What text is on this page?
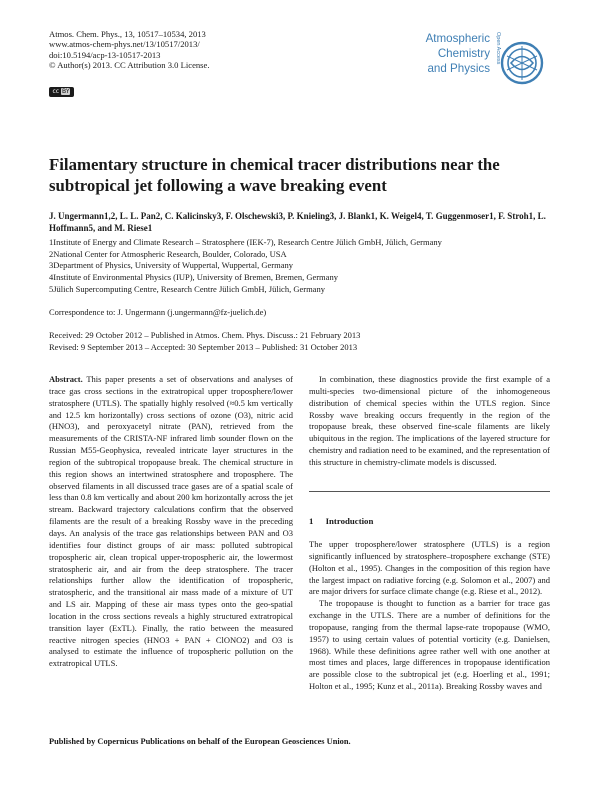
Atmos. Chem. Phys., 13, 10517–10534, 2013
www.atmos-chem-phys.net/13/10517/2013/
doi:10.5194/acp-13-10517-2013
© Author(s) 2013. CC Attribution 3.0 License.
cc BY
Atmospheric
Chemistry
and Physics
Open Access
Filamentary structure in chemical tracer distributions near the subtropical jet following a wave breaking event
J. Ungermann1,2, L. L. Pan2, C. Kalicinsky3, F. Olschewski3, P. Knieling3, J. Blank1, K. Weigel4, T. Guggenmoser1, F. Stroh1, L. Hoffmann5, and M. Riese1
1Institute of Energy and Climate Research – Stratosphere (IEK-7), Research Centre Jülich GmbH, Jülich, Germany
2National Center for Atmospheric Research, Boulder, Colorado, USA
3Department of Physics, University of Wuppertal, Wuppertal, Germany
4Institute of Environmental Physics (IUP), University of Bremen, Bremen, Germany
5Jülich Supercomputing Centre, Research Centre Jülich GmbH, Jülich, Germany
Correspondence to: J. Ungermann (j.ungermann@fz-juelich.de)
Received: 29 October 2012 – Published in Atmos. Chem. Phys. Discuss.: 21 February 2013
Revised: 9 September 2013 – Accepted: 30 September 2013 – Published: 31 October 2013

Abstract. This paper presents a set of observations and analyses of trace gas cross sections in the extratropical upper troposphere/lower stratosphere (UTLS). The spatially highly resolved (≈0.5 km vertically and 12.5 km horizontally) cross sections of ozone (O3), nitric acid (HNO3), and peroxyacetyl nitrate (PAN), retrieved from the measurements of the CRISTA-NF infrared limb sounder flown on the Russian M55-Geophysica, revealed intricate layer structures in the region of the subtropical tropopause break. The chemical structure in this region shows an intertwined stratosphere and troposphere. The observed filaments in all discussed trace gases are of a spatial scale of less than 0.8 km vertically and about 200 km horizontally across the jet stream. Backward trajectory calculations confirm that the observed filaments are the result of a breaking Rossby wave in the preceding days. An analysis of the trace gas relationships between PAN and O3 identifies four distinct groups of air mass: polluted subtropical tropospheric air, clean tropical upper-tropospheric air, the lowermost stratospheric air, and air from the deep stratosphere. The tracer relationships further allow the identification of tropospheric, stratospheric, and the transitional air mass made of a mixture of UT and LS air. Mapping of these air mass types onto the geo-spatial location in the cross sections reveals a highly structured extratropical transition layer (ExTL). Finally, the ratio between the measured reactive nitrogen species (HNO3 + PAN + ClONO2) and O3 is analysed to estimate the influence of tropospheric pollution on the extratropical UTLS.

In combination, these diagnostics provide the first example of a multi-species two-dimensional picture of the inhomogeneous distribution of chemical species within the UTLS region. Since Rossby wave breaking occurs frequently in the region of the tropopause break, these observed fine-scale filaments are likely ubiquitous in the region. The implications of the layered structure for chemistry and radiation need to be examined, and the representation of this structure in chemistry-climate models is discussed.

1 Introduction

The upper troposphere/lower stratosphere (UTLS) is a region significantly influenced by stratosphere–troposphere exchange (STE) (Holton et al., 1995). Changes in the composition of this region have the largest impact on radiative forcing (e.g. Solomon et al., 2007) and are major drivers for surface climate change (e.g. Riese et al., 2012).

The tropopause is thought to function as a barrier for trace gas exchange in the UTLS. There are a number of definitions for the tropopause, ranging from the thermal lapse-rate tropopause (WMO, 1957) to using certain values of potential vorticity (e.g. Danielsen, 1968). While these definitions agree rather well with one another at most times and places, large differences in tropopause identification are possible close to the subtropical jet (e.g. Hoerling et al., 1991; Holton et al., 1995; Kunz et al., 2011a). Breaking Rossby waves and

Published by Copernicus Publications on behalf of the European Geosciences Union.
